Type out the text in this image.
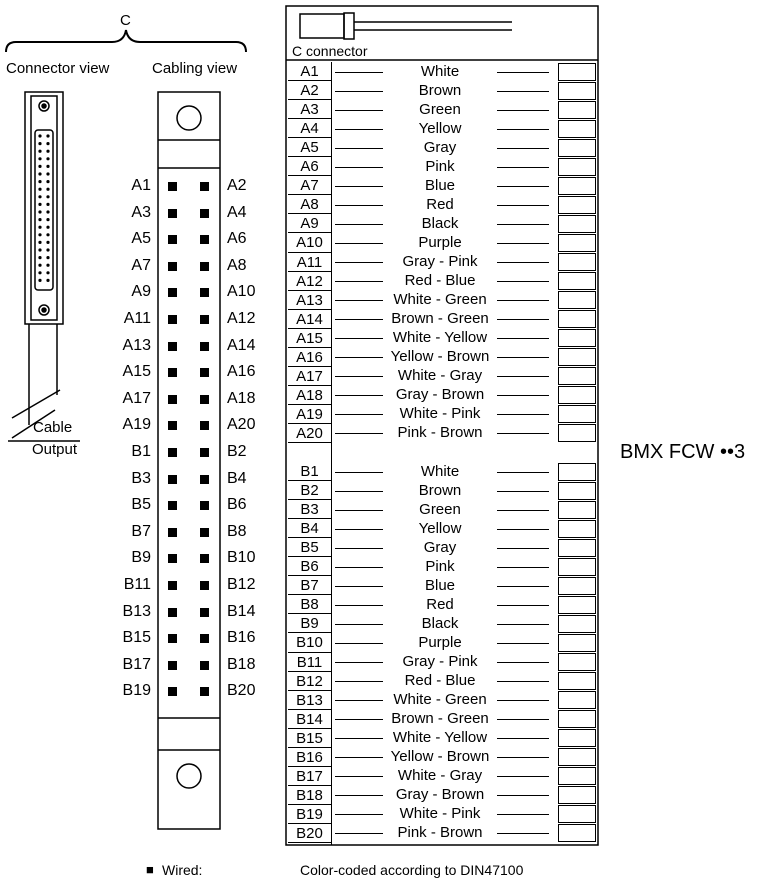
C
Connector view	Cabling view
Cable
Output
C connector
BMX FCW ••3
A1	A2
A3	A4
A5	A6
A7	A8
A9	A10
A11	A12
A13	A14
A15	A16
A17	A18
A19	A20
B1	B2
B3	B4
B5	B6
B7	B8
B9	B10
B11	B12
B13	B14
B15	B16
B17	B18
B19	B20
A1	White
A2	Brown
A3	Green
A4	Yellow
A5	Gray
A6	Pink
A7	Blue
A8	Red
A9	Black
A10	Purple
A11	Gray - Pink
A12	Red - Blue
A13	White - Green
A14	Brown - Green
A15	White - Yellow
A16	Yellow - Brown
A17	White - Gray
A18	Gray - Brown
A19	White - Pink
A20	Pink - Brown
B1	White
B2	Brown
B3	Green
B4	Yellow
B5	Gray
B6	Pink
B7	Blue
B8	Red
B9	Black
B10	Purple
B11	Gray - Pink
B12	Red - Blue
B13	White - Green
B14	Brown - Green
B15	White - Yellow
B16	Yellow - Brown
B17	White - Gray
B18	Gray - Brown
B19	White - Pink
B20	Pink - Brown
■ Wired:	Color-coded according to DIN47100
